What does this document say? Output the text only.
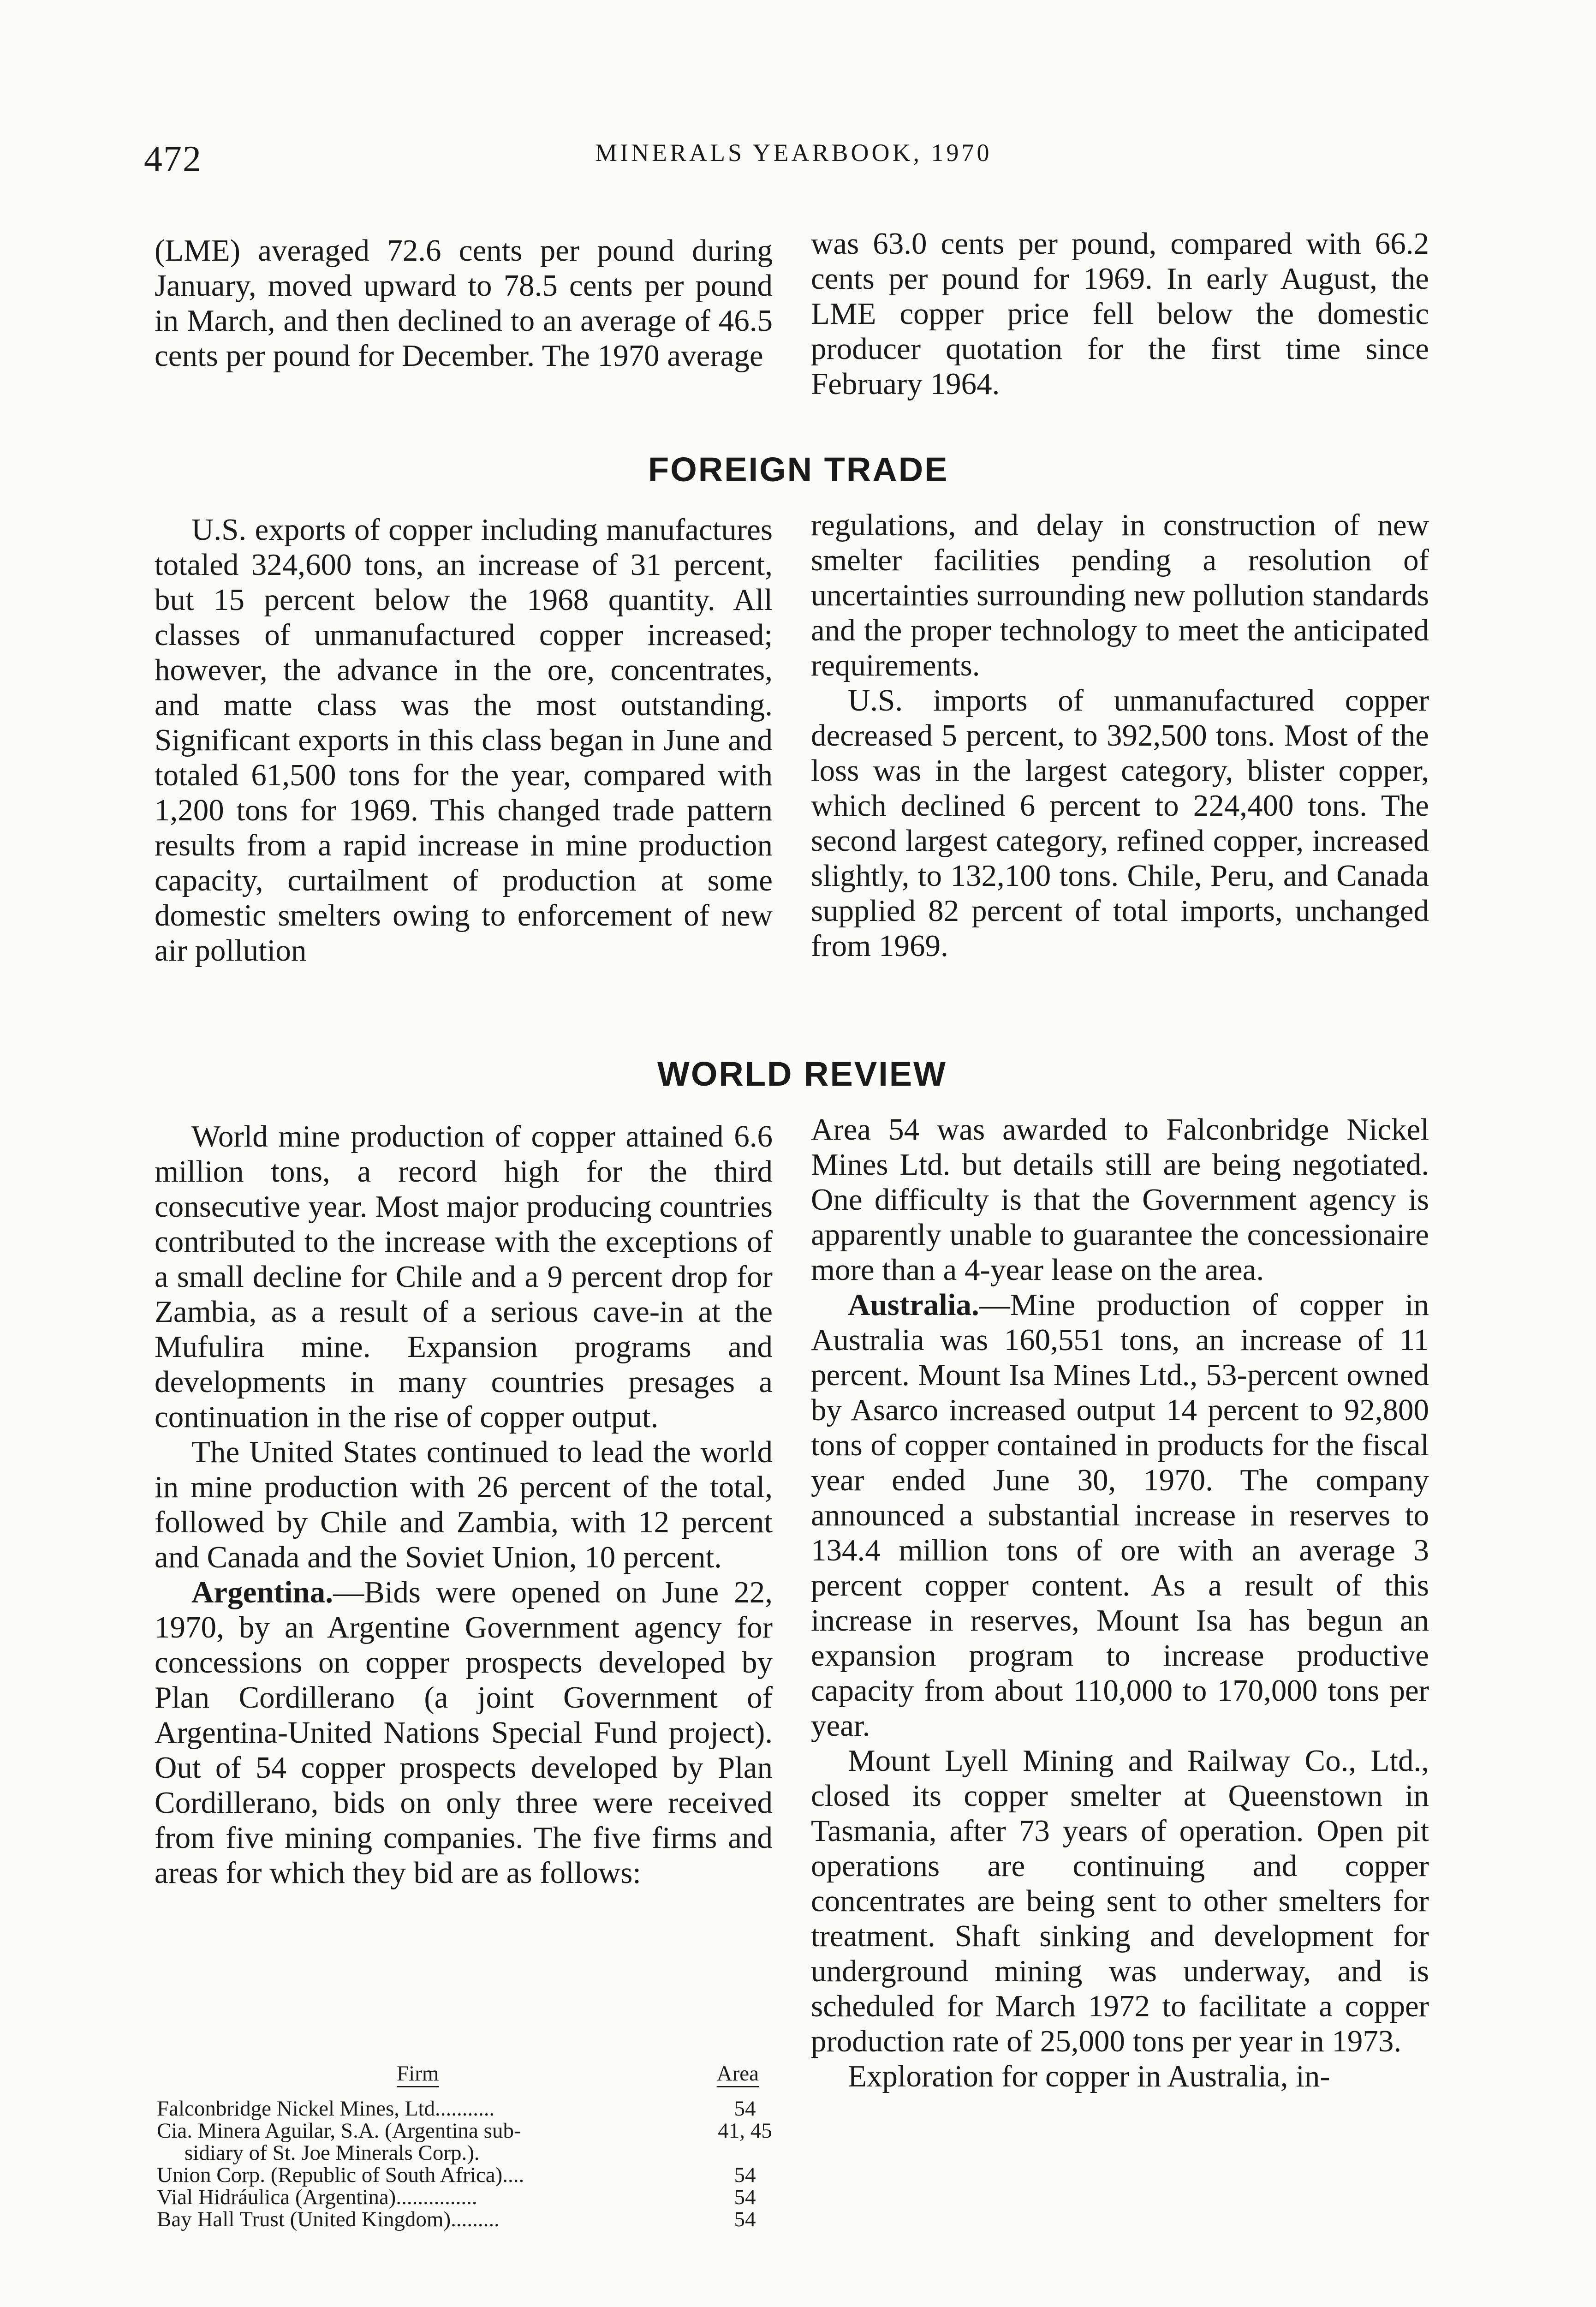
472	MINERALS YEARBOOK, 1970

(LME) averaged 72.6 cents per pound during January, moved upward to 78.5 cents per pound in March, and then declined to an average of 46.5 cents per pound for December. The 1970 average

was 63.0 cents per pound, compared with 66.2 cents per pound for 1969. In early August, the LME copper price fell below the domestic producer quotation for the first time since February 1964.

FOREIGN TRADE

U.S. exports of copper including manufactures totaled 324,600 tons, an increase of 31 percent, but 15 percent below the 1968 quantity. All classes of unmanufactured copper increased; however, the advance in the ore, concentrates, and matte class was the most outstanding. Significant exports in this class began in June and totaled 61,500 tons for the year, compared with 1,200 tons for 1969. This changed trade pattern results from a rapid increase in mine production capacity, curtailment of production at some domestic smelters owing to enforcement of new air pollution

regulations, and delay in construction of new smelter facilities pending a resolution of uncertainties surrounding new pollution standards and the proper technology to meet the anticipated requirements.

U.S. imports of unmanufactured copper decreased 5 percent, to 392,500 tons. Most of the loss was in the largest category, blister copper, which declined 6 percent to 224,400 tons. The second largest category, refined copper, increased slightly, to 132,100 tons. Chile, Peru, and Canada supplied 82 percent of total imports, unchanged from 1969.

WORLD REVIEW

World mine production of copper attained 6.6 million tons, a record high for the third consecutive year. Most major producing countries contributed to the increase with the exceptions of a small decline for Chile and a 9 percent drop for Zambia, as a result of a serious cave-in at the Mufulira mine. Expansion programs and developments in many countries presages a continuation in the rise of copper output.

The United States continued to lead the world in mine production with 26 percent of the total, followed by Chile and Zambia, with 12 percent and Canada and the Soviet Union, 10 percent.

Argentina.—Bids were opened on June 22, 1970, by an Argentine Government agency for concessions on copper prospects developed by Plan Cordillerano (a joint Government of Argentina-United Nations Special Fund project). Out of 54 copper prospects developed by Plan Cordillerano, bids on only three were received from five mining companies. The five firms and areas for which they bid are as follows:

Firm	Area
Falconbridge Nickel Mines, Ltd...........	54
Cia. Minera Aguilar, S.A. (Argentina sub-	41, 45
sidiary of St. Joe Minerals Corp.).
Union Corp. (Republic of South Africa)....	54
Vial Hidráulica (Argentina)...............	54
Bay Hall Trust (United Kingdom).........	54

Area 54 was awarded to Falconbridge Nickel Mines Ltd. but details still are being negotiated. One difficulty is that the Government agency is apparently unable to guarantee the concessionaire more than a 4-year lease on the area.

Australia.—Mine production of copper in Australia was 160,551 tons, an increase of 11 percent. Mount Isa Mines Ltd., 53-percent owned by Asarco increased output 14 percent to 92,800 tons of copper contained in products for the fiscal year ended June 30, 1970. The company announced a substantial increase in reserves to 134.4 million tons of ore with an average 3 percent copper content. As a result of this increase in reserves, Mount Isa has begun an expansion program to increase productive capacity from about 110,000 to 170,000 tons per year.

Mount Lyell Mining and Railway Co., Ltd., closed its copper smelter at Queenstown in Tasmania, after 73 years of operation. Open pit operations are continuing and copper concentrates are being sent to other smelters for treatment. Shaft sinking and development for underground mining was underway, and is scheduled for March 1972 to facilitate a copper production rate of 25,000 tons per year in 1973.

Exploration for copper in Australia, in-
